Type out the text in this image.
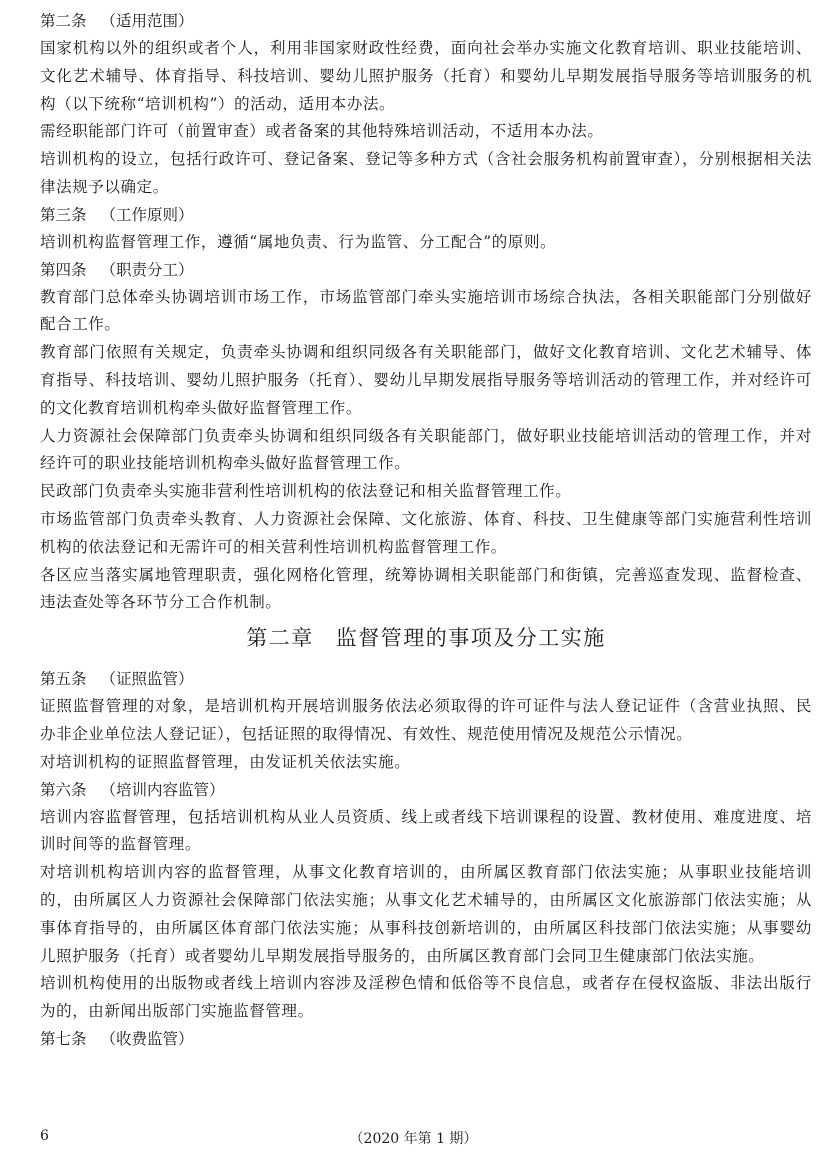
第二条 （适用范围）

国家机构以外的组织或者个人，利用非国家财政性经费，面向社会举办实施文化教育培训、职业技能培训、文化艺术辅导、体育指导、科技培训、婴幼儿照护服务（托育）和婴幼儿早期发展指导服务等培训服务的机构（以下统称“培训机构”）的活动，适用本办法。

需经职能部门许可（前置审查）或者备案的其他特殊培训活动，不适用本办法。

培训机构的设立，包括行政许可、登记备案、登记等多种方式（含社会服务机构前置审查），分别根据相关法律法规予以确定。

第三条 （工作原则）

培训机构监督管理工作，遵循“属地负责、行为监管、分工配合”的原则。

第四条 （职责分工）

教育部门总体牵头协调培训市场工作，市场监管部门牵头实施培训市场综合执法，各相关职能部门分别做好配合工作。

教育部门依照有关规定，负责牵头协调和组织同级各有关职能部门，做好文化教育培训、文化艺术辅导、体育指导、科技培训、婴幼儿照护服务（托育）、婴幼儿早期发展指导服务等培训活动的管理工作，并对经许可的文化教育培训机构牵头做好监督管理工作。

人力资源社会保障部门负责牵头协调和组织同级各有关职能部门，做好职业技能培训活动的管理工作，并对经许可的职业技能培训机构牵头做好监督管理工作。

民政部门负责牵头实施非营利性培训机构的依法登记和相关监督管理工作。

市场监管部门负责牵头教育、人力资源社会保障、文化旅游、体育、科技、卫生健康等部门实施营利性培训机构的依法登记和无需许可的相关营利性培训机构监督管理工作。

各区应当落实属地管理职责，强化网格化管理，统筹协调相关职能部门和街镇，完善巡查发现、监督检查、违法查处等各环节分工合作机制。

第二章 监督管理的事项及分工实施
第五条 （证照监管）

证照监督管理的对象，是培训机构开展培训服务依法必须取得的许可证件与法人登记证件（含营业执照、民办非企业单位法人登记证），包括证照的取得情况、有效性、规范使用情况及规范公示情况。

对培训机构的证照监督管理，由发证机关依法实施。

第六条 （培训内容监管）

培训内容监督管理，包括培训机构从业人员资质、线上或者线下培训课程的设置、教材使用、难度进度、培训时间等的监督管理。

对培训机构培训内容的监督管理，从事文化教育培训的，由所属区教育部门依法实施；从事职业技能培训的，由所属区人力资源社会保障部门依法实施；从事文化艺术辅导的，由所属区文化旅游部门依法实施；从事体育指导的，由所属区体育部门依法实施；从事科技创新培训的，由所属区科技部门依法实施；从事婴幼儿照护服务（托育）或者婴幼儿早期发展指导服务的，由所属区教育部门会同卫生健康部门依法实施。

培训机构使用的出版物或者线上培训内容涉及淫秽色情和低俗等不良信息，或者存在侵权盗版、非法出版行为的，由新闻出版部门实施监督管理。

第七条 （收费监管）
6	（2020 年第 1 期）
